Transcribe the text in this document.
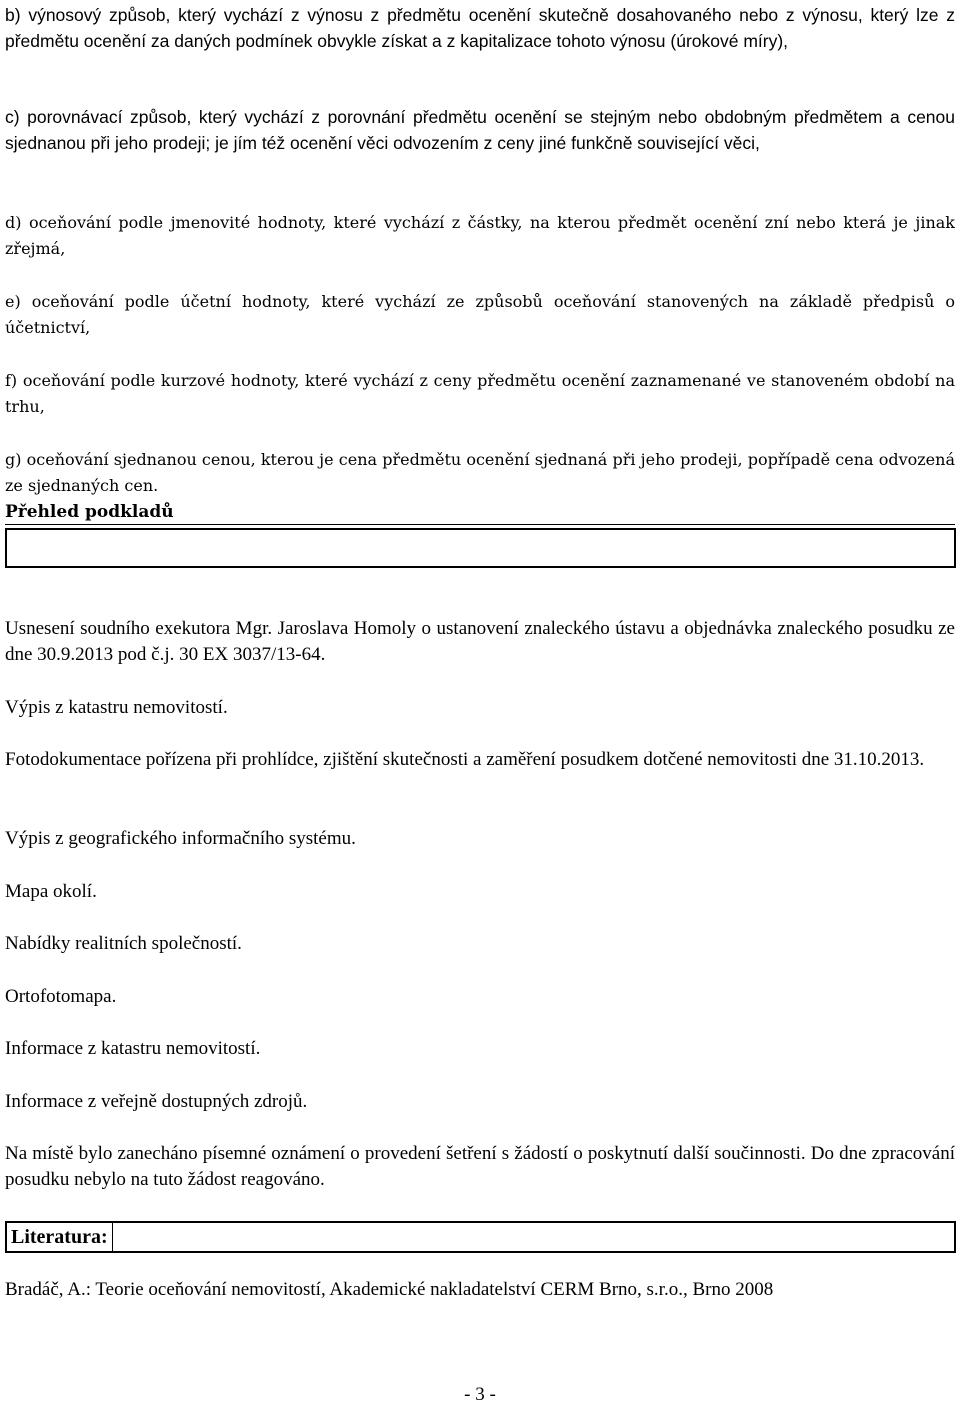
b) výnosový způsob, který vychází z výnosu z předmětu ocenění skutečně dosahovaného nebo z výnosu, který lze z předmětu ocenění za daných podmínek obvykle získat a z kapitalizace tohoto výnosu (úrokové míry),

c) porovnávací způsob, který vychází z porovnání předmětu ocenění se stejným nebo obdobným předmětem a cenou sjednanou při jeho prodeji; je jím též ocenění věci odvozením z ceny jiné funkčně související věci,

d) oceňování podle jmenovité hodnoty, které vychází z částky, na kterou předmět ocenění zní nebo která je jinak zřejmá,

e) oceňování podle účetní hodnoty, které vychází ze způsobů oceňování stanovených na základě předpisů o účetnictví,

f) oceňování podle kurzové hodnoty, které vychází z ceny předmětu ocenění zaznamenané ve stanoveném období na trhu,

g) oceňování sjednanou cenou, kterou je cena předmětu ocenění sjednaná při jeho prodeji, popřípadě cena odvozená ze sjednaných cen.

Přehled podkladů

Usnesení soudního exekutora Mgr. Jaroslava Homoly o ustanovení znaleckého ústavu a objednávka znaleckého posudku ze dne 30.9.2013 pod č.j. 30 EX 3037/13-64.

Výpis z katastru nemovitostí.

Fotodokumentace pořízena při prohlídce, zjištění skutečnosti a zaměření posudkem dotčené nemovitosti dne 31.10.2013.

Výpis z geografického informačního systému.

Mapa okolí.

Nabídky realitních společností.

Ortofotomapa.

Informace z katastru nemovitostí.

Informace z veřejně dostupných zdrojů.

Na místě bylo zanecháno písemné oznámení o provedení šetření s žádostí o poskytnutí další součinnosti. Do dne zpracování posudku nebylo na tuto žádost reagováno.

Literatura:

Bradáč, A.: Teorie oceňování nemovitostí, Akademické nakladatelství CERM Brno, s.r.o., Brno 2008

- 3 -
